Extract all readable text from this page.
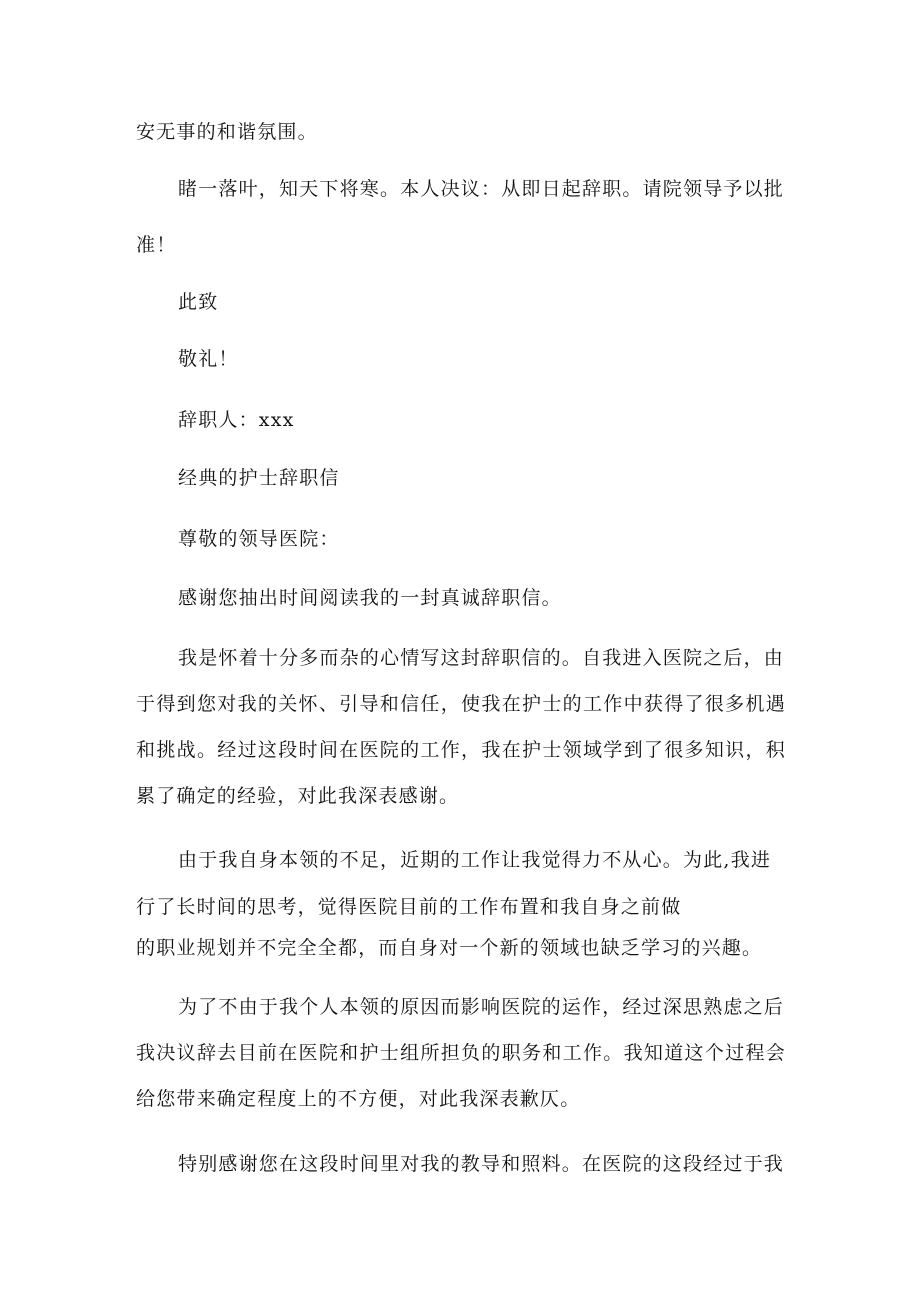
安无事的和谐氛围。
睹一落叶，知天下将寒。本人决议：从即日起辞职。请院领导予以批
准！
此致
敬礼！
辞职人：xxx
经典的护士辞职信
尊敬的领导医院：
感谢您抽出时间阅读我的一封真诚辞职信。
我是怀着十分多而杂的心情写这封辞职信的。自我进入医院之后，由
于得到您对我的关怀、引导和信任，使我在护士的工作中获得了很多机遇
和挑战。经过这段时间在医院的工作，我在护士领域学到了很多知识，积
累了确定的经验，对此我深表感谢。
由于我自身本领的不足，近期的工作让我觉得力不从心。为此,我进
行了长时间的思考，觉得医院目前的工作布置和我自身之前做
的职业规划并不完全全都，而自身对一个新的领域也缺乏学习的兴趣。
为了不由于我个人本领的原因而影响医院的运作，经过深思熟虑之后
我决议辞去目前在医院和护士组所担负的职务和工作。我知道这个过程会
给您带来确定程度上的不方便，对此我深表歉仄。
特别感谢您在这段时间里对我的教导和照料。在医院的这段经过于我
